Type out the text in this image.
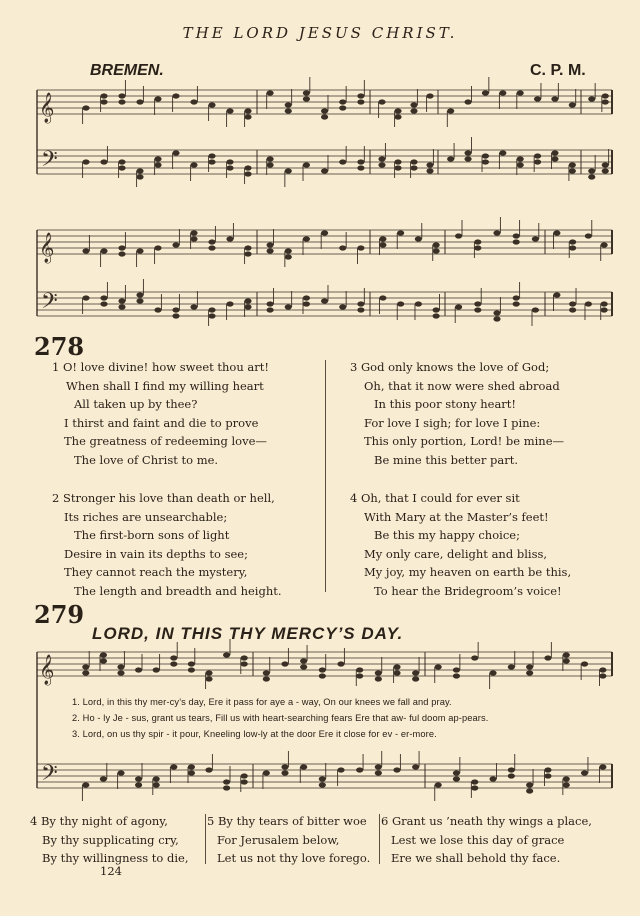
THE LORD JESUS CHRIST.
BREMEN.	C. P. M.
𝄞
𝄢
𝄞
𝄢
𝄞
𝄢
278
1 O! love divine! how sweet thou art!
When shall I find my willing heart
All taken up by thee?
I thirst and faint and die to prove
The greatness of redeeming love—
The love of Christ to me.
2 Stronger his love than death or hell,
Its riches are unsearchable;
The first-born sons of light
Desire in vain its depths to see;
They cannot reach the mystery,
The length and breadth and height.
3 God only knows the love of God;
Oh, that it now were shed abroad
In this poor stony heart!
For love I sigh; for love I pine:
This only portion, Lord! be mine—
Be mine this better part.
4 Oh, that I could for ever sit
With Mary at the Master’s feet!
Be this my happy choice;
My only care, delight and bliss,
My joy, my heaven on earth be this,
To hear the Bridegroom’s voice!
279
LORD, IN THIS THY MERCY’S DAY.
1. Lord, in this thy mer-cy’s day, Ere it pass for aye a - way, On our knees we fall and pray.
2. Ho - ly Je - sus, grant us tears, Fill us with heart-searching fears Ere that aw- ful doom ap-pears.
3. Lord, on us thy spir - it pour, Kneeling low-ly at the door Ere it close for ev - er-more.
4 By thy night of agony,
By thy supplicating cry,
By thy willingness to die,
5 By thy tears of bitter woe
For Jerusalem below,
Let us not thy love forego.
6 Grant us ’neath thy wings a place,
Lest we lose this day of grace
Ere we shall behold thy face.
124
